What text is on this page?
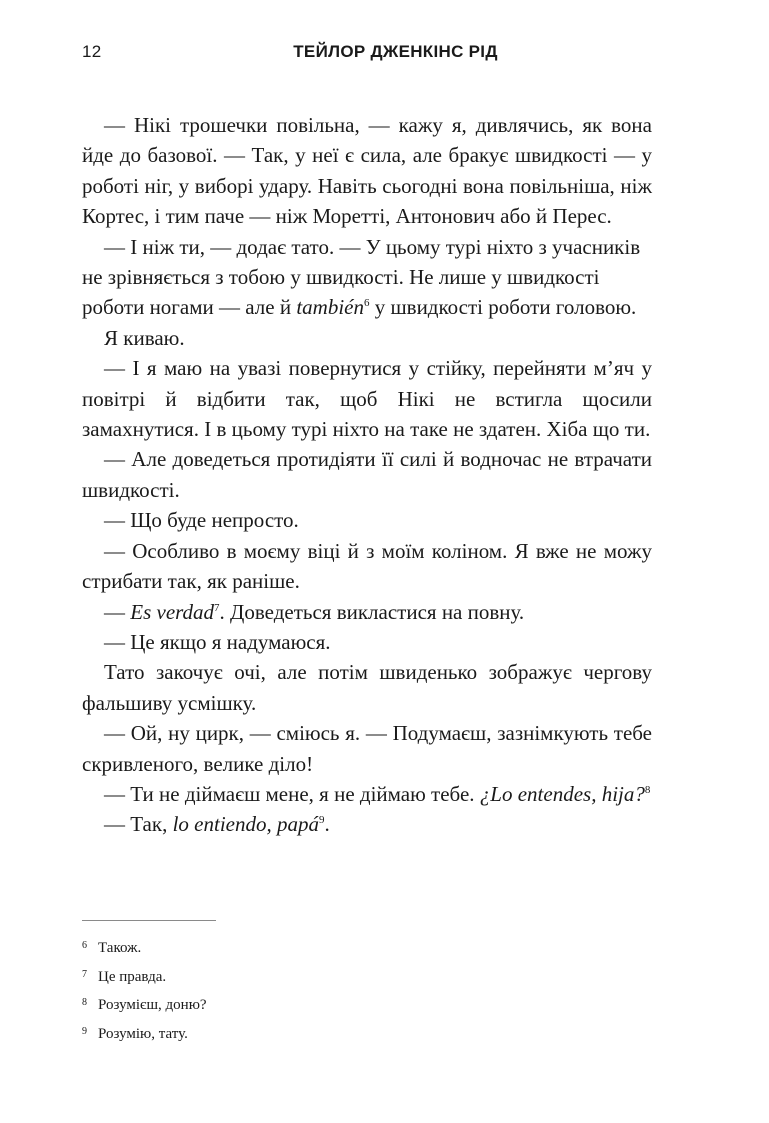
12	ТЕЙЛОР ДЖЕНКІНС РІД

— Нікі трошечки повільна, — кажу я, дивлячись, як вона йде до базової. — Так, у неї є сила, але бракує швидкості — у роботі ніг, у виборі удару. Навіть сьогодні вона повільніша, ніж Кортес, і тим паче — ніж Моретті, Антонович або й Перес.

— І ніж ти, — додає тато. — У цьому турі ніхто з учасників не зрівняється з тобою у швидкості. Не лише у швидкості роботи ногами — але й también$^6$ у швидкості роботи головою.

Я киваю.

— І я маю на увазі повернутися у стійку, перейняти м’яч у повітрі й відбити так, щоб Нікі не встигла щосили замахнутися. І в цьому турі ніхто на таке не здатен. Хіба що ти.

— Але доведеться протидіяти її силі й водночас не втрачати швидкості.

— Що буде непросто.

— Особливо в моєму віці й з моїм коліном. Я вже не можу стрибати так, як раніше.

— Es verdad$^7$. Доведеться викластися на повну.

— Це якщо я надумаюся.

Тато закочує очі, але потім швиденько зображує чергову фальшиву усмішку.

— Ой, ну цирк, — сміюсь я. — Подумаєш, зазнімкують тебе скривленого, велике діло!

— Ти не діймаєш мене, я не діймаю тебе. ¿Lo entendes, hija?$^8$

— Так, lo entiendo, papá$^9$.

6 Також.
7 Це правда.
8 Розумієш, доню?
9 Розумію, тату.
